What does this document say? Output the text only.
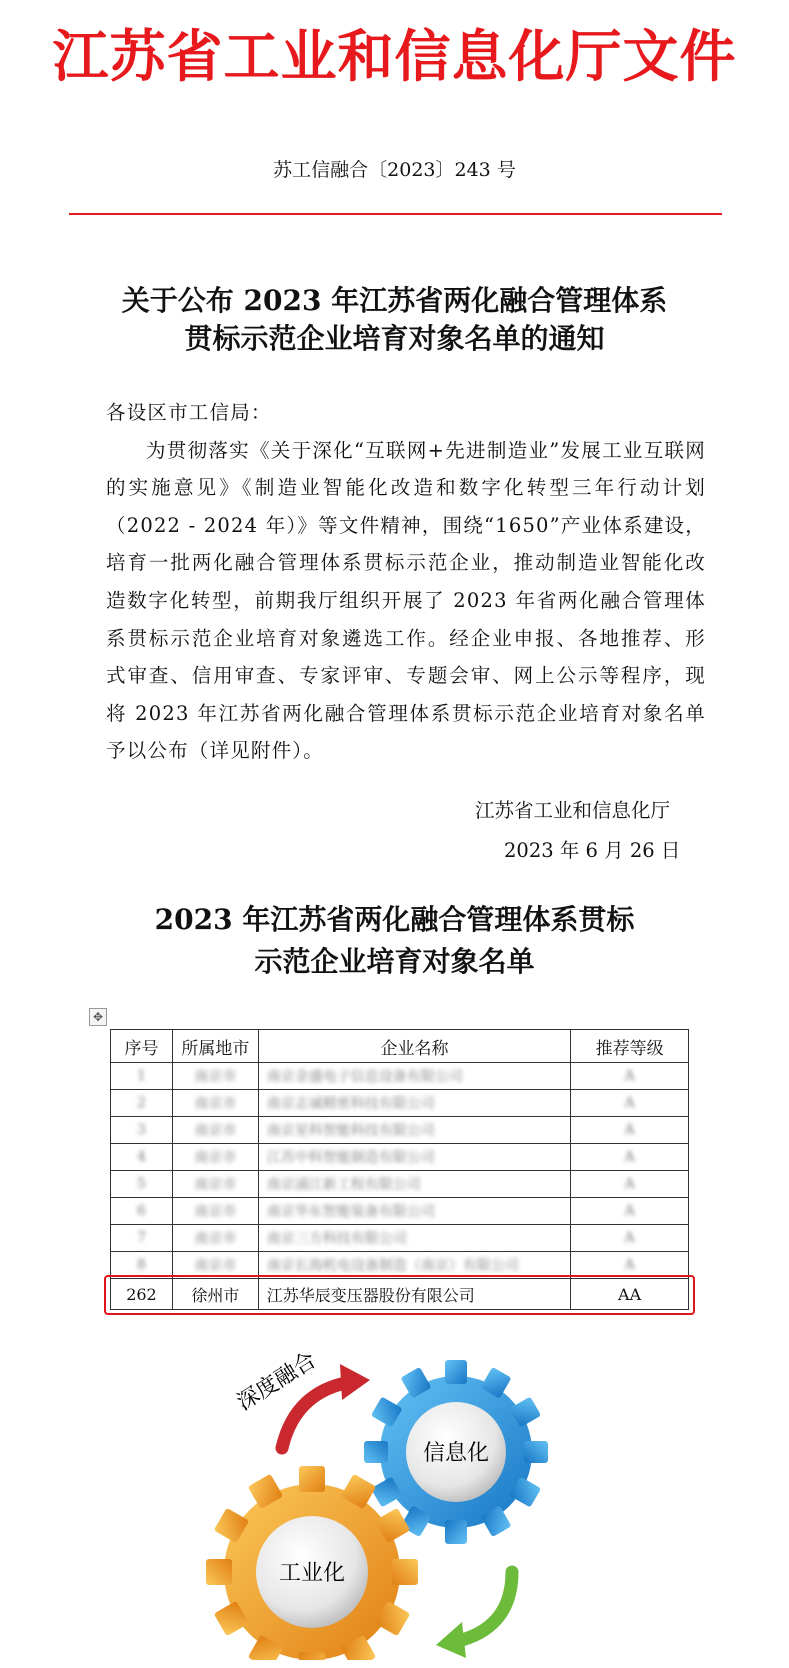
江苏省工业和信息化厅文件
苏工信融合〔2023〕243 号
关于公布 2023 年江苏省两化融合管理体系
贯标示范企业培育对象名单的通知

各设区市工信局：

为贯彻落实《关于深化“互联网+先进制造业”发展工业互联网的实施意见》《制造业智能化改造和数字化转型三年行动计划（2022 - 2024 年）》等文件精神，围绕“1650”产业体系建设，培育一批两化融合管理体系贯标示范企业，推动制造业智能化改造数字化转型，前期我厅组织开展了 2023 年省两化融合管理体系贯标示范企业培育对象遴选工作。经企业申报、各地推荐、形式审查、信用审查、专家评审、专题会审、网上公示等程序，现将 2023 年江苏省两化融合管理体系贯标示范企业培育对象名单予以公布（详见附件）。

江苏省工业和信息化厅
2023 年 6 月 26 日
2023 年江苏省两化融合管理体系贯标
示范企业培育对象名单
✥
序号	所属地市	企业名称	推荐等级
1	南京市	南京金盛电子信息设备有限公司	A
2	南京市	南京志诚精密科技有限公司	A
3	南京市	南京星科智能科技有限公司	A
4	南京市	江苏中科智能制造有限公司	A
5	南京市	南京浦江新工程有限公司	A
6	南京市	南京华东智能装备有限公司	A
7	南京市	南京三方科技有限公司	A
8	南京市	南京长海机电设备制造（南京）有限公司	A
262	徐州市	江苏华辰变压器股份有限公司	AA
深度融合
信息化
工业化
